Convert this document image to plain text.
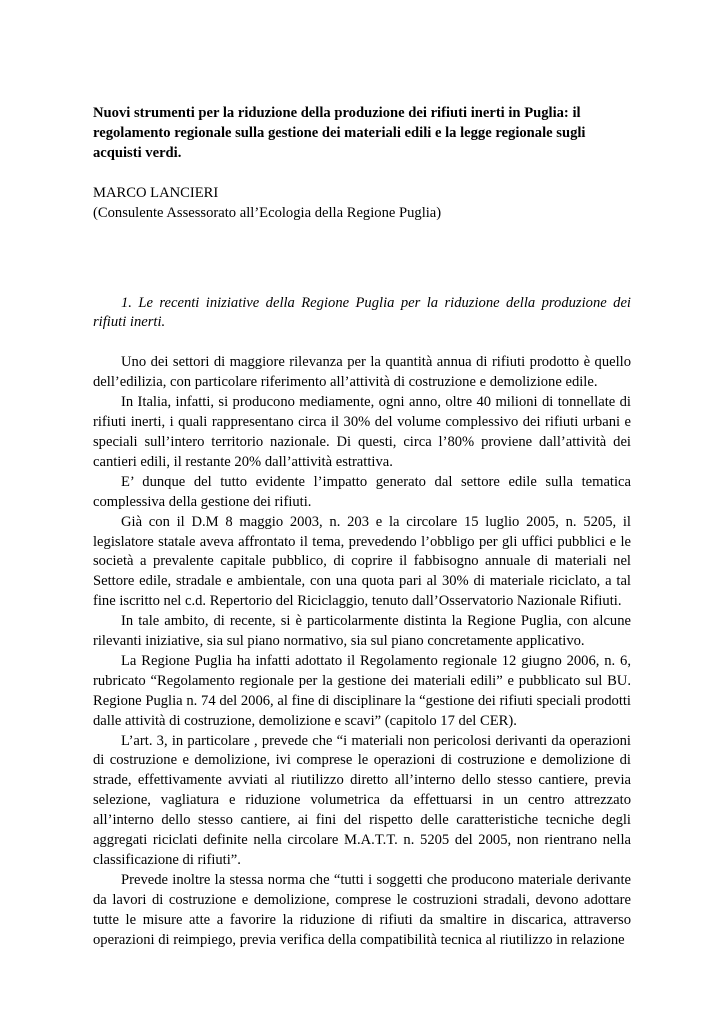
Nuovi strumenti per la riduzione della produzione dei rifiuti inerti in Puglia: il regolamento regionale sulla gestione dei materiali edili e la legge regionale sugli acquisti verdi.

MARCO LANCIERI

(Consulente Assessorato all’Ecologia della Regione Puglia)

1. Le recenti iniziative della Regione Puglia per la riduzione della produzione dei rifiuti inerti.

Uno dei settori di maggiore rilevanza per la quantità annua di rifiuti prodotto è quello dell’edilizia, con particolare riferimento all’attività di costruzione e demolizione edile.

In Italia, infatti, si producono mediamente, ogni anno, oltre 40 milioni di tonnellate di rifiuti inerti, i quali rappresentano circa il 30% del volume complessivo dei rifiuti urbani e speciali sull’intero territorio nazionale. Di questi, circa l’80% proviene dall’attività dei cantieri edili, il restante 20% dall’attività estrattiva.

E’ dunque del tutto evidente l’impatto generato dal settore edile sulla tematica complessiva della gestione dei rifiuti.

Già con il D.M 8 maggio 2003, n. 203 e la circolare 15 luglio 2005, n. 5205, il legislatore statale aveva affrontato il tema, prevedendo l’obbligo per gli uffici pubblici e le società a prevalente capitale pubblico, di coprire il fabbisogno annuale di materiali nel Settore edile, stradale e ambientale, con una quota pari al 30% di materiale riciclato, a tal fine iscritto nel c.d. Repertorio del Riciclaggio, tenuto dall’Osservatorio Nazionale Rifiuti.

In tale ambito, di recente, si è particolarmente distinta la Regione Puglia, con alcune rilevanti iniziative, sia sul piano normativo, sia sul piano concretamente applicativo.

La Regione Puglia ha infatti adottato il Regolamento regionale 12 giugno 2006, n. 6, rubricato “Regolamento regionale per la gestione dei materiali edili” e pubblicato sul BU. Regione Puglia n. 74 del 2006, al fine di disciplinare la “gestione dei rifiuti speciali prodotti dalle attività di costruzione, demolizione e scavi” (capitolo 17 del CER).

L’art. 3, in particolare , prevede che “i materiali non pericolosi derivanti da operazioni di costruzione e demolizione, ivi comprese le operazioni di costruzione e demolizione di strade, effettivamente avviati al riutilizzo diretto all’interno dello stesso cantiere, previa selezione, vagliatura e riduzione volumetrica da effettuarsi in un centro attrezzato all’interno dello stesso cantiere, ai fini del rispetto delle caratteristiche tecniche degli aggregati riciclati definite nella circolare M.A.T.T. n. 5205 del 2005, non rientrano nella classificazione di rifiuti”.

Prevede inoltre la stessa norma che “tutti i soggetti che producono materiale derivante da lavori di costruzione e demolizione, comprese le costruzioni stradali, devono adottare tutte le misure atte a favorire la riduzione di rifiuti da smaltire in discarica, attraverso operazioni di reimpiego, previa verifica della compatibilità tecnica al riutilizzo in relazione
